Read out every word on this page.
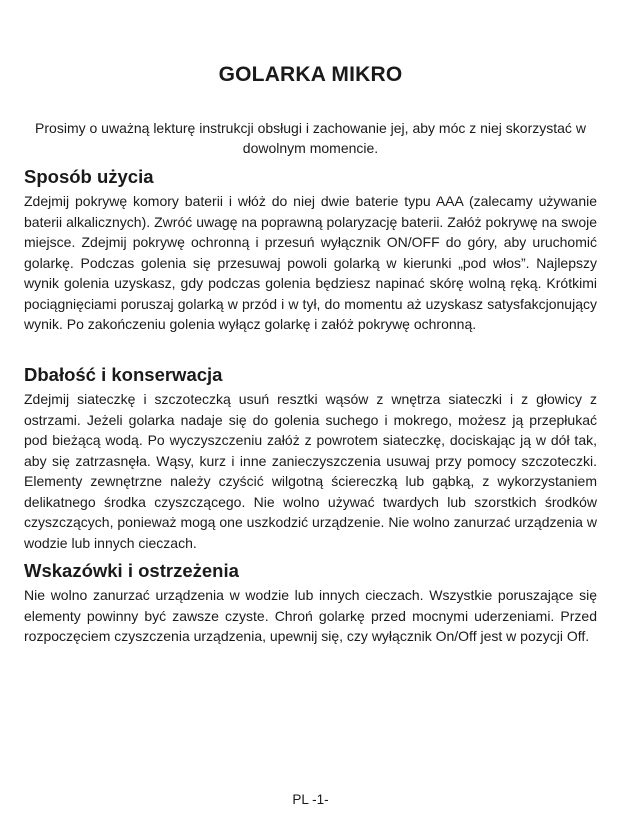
GOLARKA MIKRO

Prosimy o uważną lekturę instrukcji obsługi i zachowanie jej, aby móc z niej skorzystać w dowolnym momencie.

Sposób użycia

Zdejmij pokrywę komory baterii i włóż do niej dwie baterie typu AAA (zalecamy używanie baterii alkalicznych). Zwróć uwagę na poprawną polaryzację baterii. Załóż pokrywę na swoje miejsce. Zdejmij pokrywę ochronną i przesuń wyłącznik ON/OFF do góry, aby uruchomić golarkę. Podczas golenia się przesuwaj powoli golarką w kierunki „pod włos”. Najlepszy wynik golenia uzyskasz, gdy podczas golenia będziesz napinać skórę wolną ręką. Krótkimi pociągnięciami poruszaj golarką w przód i w tył, do momentu aż uzyskasz satysfakcjonujący wynik. Po zakończeniu golenia wyłącz golarkę i załóż pokrywę ochronną.

Dbałość i konserwacja

Zdejmij siateczkę i szczoteczką usuń resztki wąsów z wnętrza siateczki i z głowicy z ostrzami. Jeżeli golarka nadaje się do golenia suchego i mokrego, możesz ją przepłukać pod bieżącą wodą. Po wyczyszczeniu załóż z powrotem siateczkę, dociskając ją w dół tak, aby się zatrzasnęła. Wąsy, kurz i inne zanieczyszczenia usuwaj przy pomocy szczoteczki. Elementy zewnętrzne należy czyścić wilgotną ściereczką lub gąbką, z wykorzystaniem delikatnego środka czyszczącego. Nie wolno używać twardych lub szorstkich środków czyszczących, ponieważ mogą one uszkodzić urządzenie. Nie wolno zanurzać urządzenia w wodzie lub innych cieczach.

Wskazówki i ostrzeżenia

Nie wolno zanurzać urządzenia w wodzie lub innych cieczach. Wszystkie poruszające się elementy powinny być zawsze czyste. Chroń golarkę przed mocnymi uderzeniami. Przed rozpoczęciem czyszczenia urządzenia, upewnij się, czy wyłącznik On/Off jest w pozycji Off.

PL -1-
